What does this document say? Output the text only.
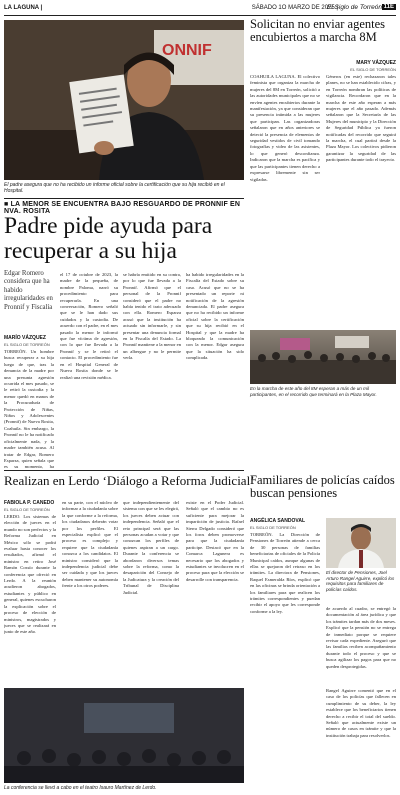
LA LAGUNA |	SÁBADO 1O MARZO DE 2025 |
El Siglo de Torreón 11E
ONNIF
El padre asegura que no ha recibido un informe oficial sobre la certificación que su hija recibió en el Hospital.
Solicitan no enviar agentes encubiertos a marcha 8M
MARY VÁZQUEZ
EL SIGLO DE TORREÓN
COAHUILA LAGUNA. El colectivo feminista que organiza la marcha de mujeres del 8M en Torreón, solicitó a las autoridades municipales que no se envíen agentes encubiertos durante la manifestación, ya que consideran que su presencia intimida a las mujeres que participan. Las organizadoras señalaron que en años anteriores se detectó la presencia de elementos de seguridad vestidos de civil tomando fotografías y video de las asistentes, lo que generó desconfianza. Indicaron que la marcha es pacífica y que las participantes tienen derecho a expresarse libremente sin ser vigiladas.
Géneros (en este) rechazaron tales planes, no se han establecido cifras, y en Torreón nombran las políticas de vigilancia. Recordaron que en la marcha de este año esperan a más mujeres que el año pasado. Además señalaron que la Secretaría de las Mujeres del municipio y la Dirección de Seguridad Pública ya fueron notificadas del recorrido que seguirá la marcha, el cual partirá desde la Plaza Mayor. Los colectivos pidieron garantizar la seguridad de las participantes durante todo el trayecto.
En la marcha de este año del 8M esperan a más de un mil participantes, en el recorrido que terminará en la Plaza Mayor.
■ LA MENOR SE ENCUENTRA BAJO RESGUARDO DE PRONNIF EN NVA. ROSITA
Padre pide ayuda para recuperar a su hija
Edgar Romero considera que ha habido irregularidades en Pronnif y Fiscalía
MARÍO VÁZQUEZ
EL SIGLO DE TORREÓN
TORREÓN. Un hombre busca recuperar a su hija luego de que, tras la denuncia de la madre por una presunta agresión ocurrida el mes pasado, se le retiró la custodia y la menor quedó en manos de la Procuraduría de Protección de Niñas, Niños y Adolescentes (Pronnif) de Nueva Rosita, Coahuila. Sin embargo, la Pronnif no le ha notificado oficialmente nada, y la madre también acusa. Al tratar de Edgar, Romero Esparza, quien señala que es su momento, ha
el 17 de octubre de 2023, la madre de la pequeña, de nombre Paloma, narró su procedimiento para recuperarla. En una conversación, Romero señaló que se le han dado sus cuidados y la custodia. De acuerdo con el padre, en el mes pasado la menor le informó que fue víctima de agresión, con lo que fue llevada a la Pronnif y se le retiró el contacto. El procedimiento fue en el Hospital General de Nueva Rosita donde se le realizó una revisión médica.
se habría emitido en su contra, por lo que fue llevada a la Pronnif. Afirmó que el personal de la Pronnif consideró que el padre no había tenido el trato adecuado con ella. Romero Esparza acusó que la institución ha actuado sin informarle, y sin presentar una denuncia formal en la Fiscalía del Estado. La Pronnif mantiene a la menor en un albergue y no le permite verla.
ha habido irregularidades en la Fiscalía del Estado sobre su caso. Acusó que no se ha presentado un reporte ni notificación de la agresión denunciada. El padre asegura que no ha recibido un informe oficial sobre la certificación que su hija recibió en el Hospital y que la madre ha bloqueado la comunicación con la menor. Edgar asegura que la situación ha sido complicada.
Realizan en Lerdo ‘Diálogo a Reforma Judicial’
FABIOLA P. CANEDO
EL SIGLO DE TORREÓN
LERDO. Los sistemas de elección de jueces en el mundo no son perfectos y la Reforma Judicial en México sólo se podrá evaluar hasta conocer los resultados, afirmó el ministro en retiro José Ramón Cossío durante la conferencia que ofreció en Lerdo. A la reunión acudieron abogados, estudiantes y público en general, quienes escucharon la explicación sobre el proceso de elección de ministros, magistrados y jueces que se realizará en junio de este año.
en su parte, con el núcleo de informar a la ciudadanía sobre la que conforme a la reforma, los ciudadanos deberán votar por los perfiles. El especialista explicó que el proceso es complejo y requiere que la ciudadanía conozca a los candidatos. El ministro consideró que la independencia judicial debe ser cuidada y que los jueces deben mantener su autonomía frente a los otros poderes.
que independientemente del sistema con que se les elegirá, los jueces deben actuar con independencia. Señaló que el reto principal será que las personas acudan a votar y que conozcan los perfiles de quienes aspiran a un cargo. Durante la conferencia se abordaron diversos temas sobre la reforma, como la desaparición del Consejo de la Judicatura y la creación del Tribunal de Disciplina Judicial.
existe en el Poder Judicial. Señaló que el cambio no es suficiente para mejorar la impartición de justicia. Rafael Sierra Delgado consideró que los foros deben promoverse para que la ciudadanía participe. Destacó que en la Comarca Lagunera es necesario que los abogados y estudiantes se involucren en el proceso para que la elección se desarrolle con transparencia.
La conferencia se llevó a cabo en el teatro Isauro Martínez de Lerdo.
Familiares de policías caídos buscan pensiones
ANGÉLICA SANDOVAL
EL SIGLO DE TORREÓN
TORREÓN. La Dirección de Pensiones de Torreón atiende a cerca de 30 personas de familias beneficiarias de oficiales de la Policía Municipal caídos, aunque algunas de ellas se quejaron del retraso en los trámites. La directora de Pensiones, Raquel Esmeralda Ríos, explicó que en las oficinas se brinda orientación a los familiares para que realicen los trámites correspondientes y puedan recibir el apoyo que les corresponde conforme a la ley.
El director de Pensiones, Joel Arturo Rangel Aguirre, explicó los requisitos para familiares de policías caídos.
de acuerdo al cuadro, se entregó la documentación al área jurídica y que los trámites tardan más de dos meses. Explicó que la pensión no se entrega de inmediato porque se requiere revisar cada expediente. Aseguró que las familias reciben acompañamiento durante todo el proceso y que se busca agilizar los pagos para que no queden desprotegidas.
Rangel Aguirre comentó que en el caso de los policías que fallecen en cumplimiento de su deber, la ley establece que los beneficiarios tienen derecho a recibir el total del sueldo. Señaló que actualmente existe un número de casos en trámite y que la institución trabaja para resolverlos.
